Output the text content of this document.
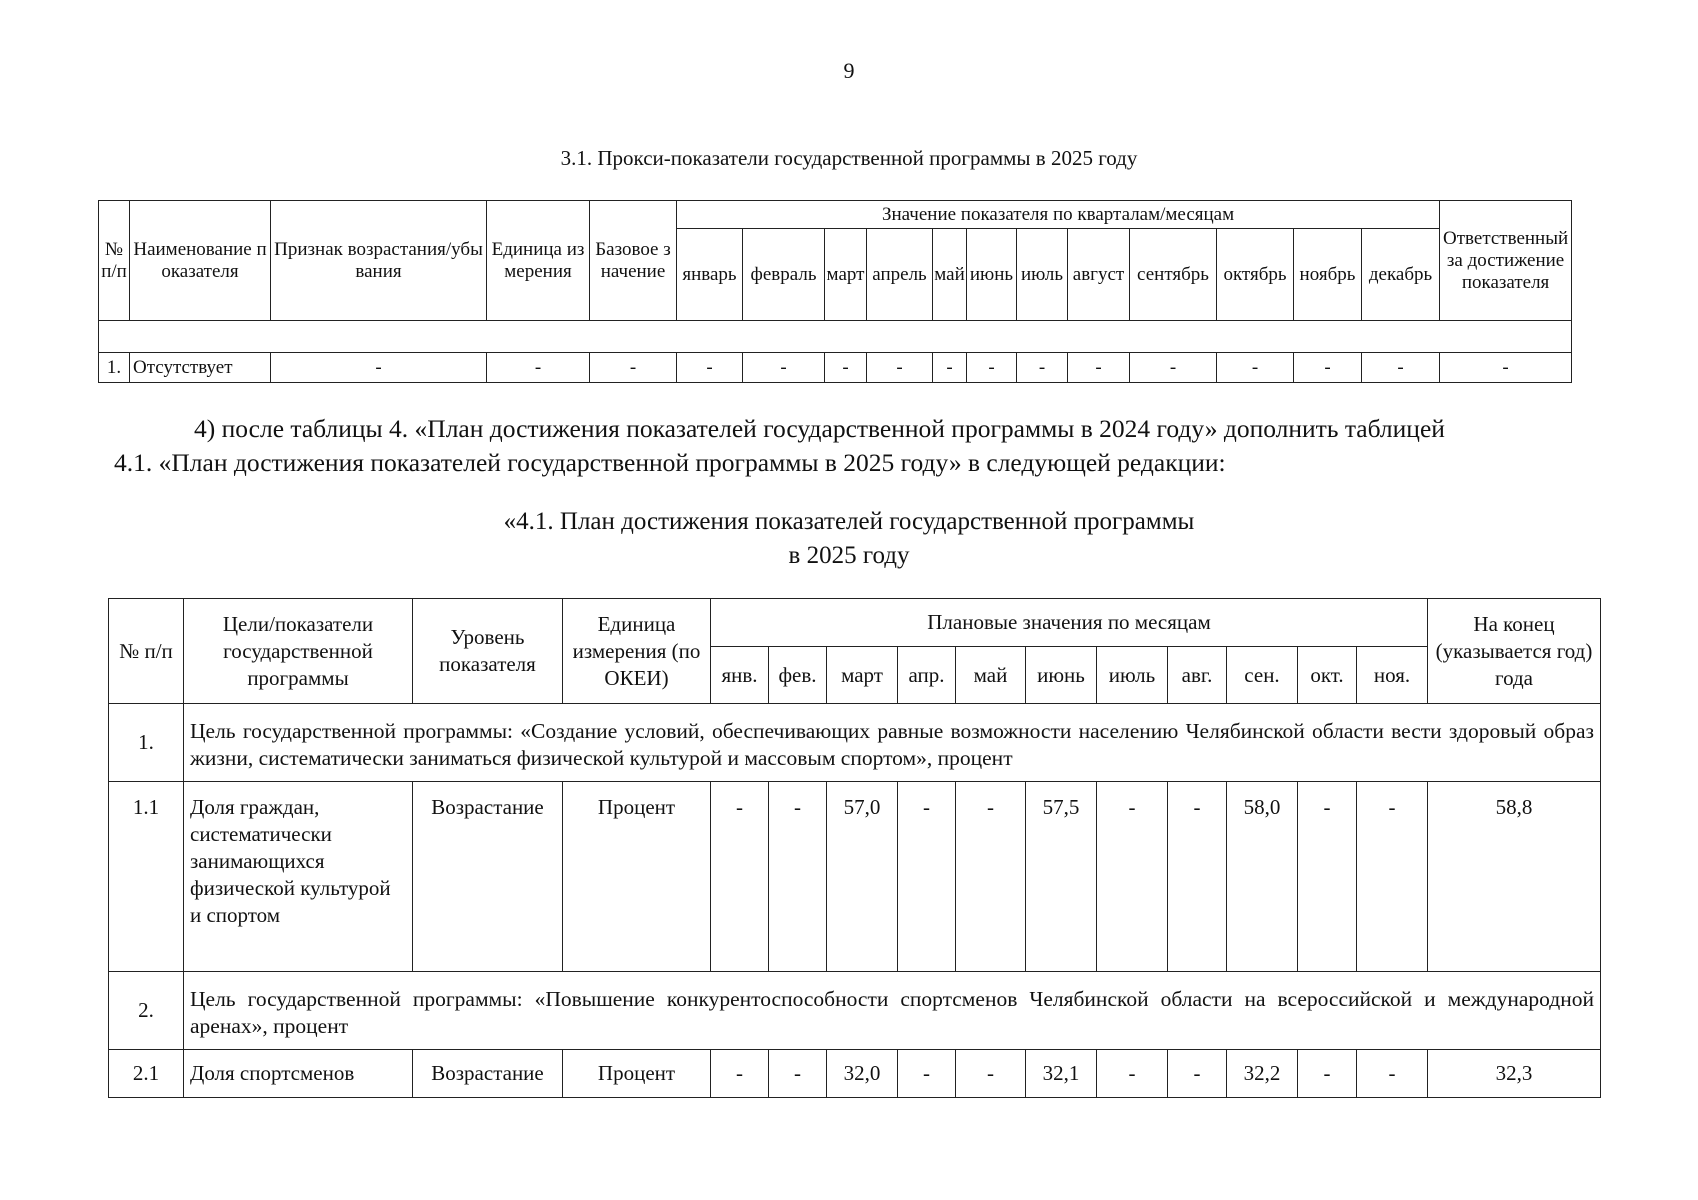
9
3.1. Прокси-показатели государственной программы в 2025 году
№ п/п	Наименование показателя	Признак возрастания/убывания	Единица измерения	Базовое значение	Значение показателя по кварталам/месяцам												Ответственный за достижение показателя
					январь	февраль	март	апрель	май	июнь	июль	август	сентябрь	октябрь	ноябрь	декабрь	

1.	Отсутствует	-	-	-	-	-	-	-	-	-	-	-	-	-	-	-	-
4) после таблицы 4. «План достижения показателей государственной программы в 2024 году» дополнить таблицей
4.1. «План достижения показателей государственной программы в 2025 году» в следующей редакции:
«4.1. План достижения показателей государственной программы
в 2025 году
№ п/п	Цели/показатели государственной программы	Уровень показателя	Единица измерения (по ОКЕИ)	Плановые значения по месяцам											На конец (указывается год) года
				янв.	фев.	март	апр.	май	июнь	июль	авг.	сен.	окт.	ноя.	
1.	Цель государственной программы: «Создание условий, обеспечивающих равные возможности населению Челябинской области вести здоровый образ жизни, систематически заниматься физической культурой и массовым спортом», процент														
1.1	Доля граждан, систематически занимающихся физической культурой и спортом	Возрастание	Процент	-	-	57,0	-	-	57,5	-	-	58,0	-	-	58,8
2.	Цель государственной программы: «Повышение конкурентоспособности спортсменов Челябинской области на всероссийской и международной аренах», процент														
2.1	Доля спортсменов	Возрастание	Процент	-	-	32,0	-	-	32,1	-	-	32,2	-	-	32,3
